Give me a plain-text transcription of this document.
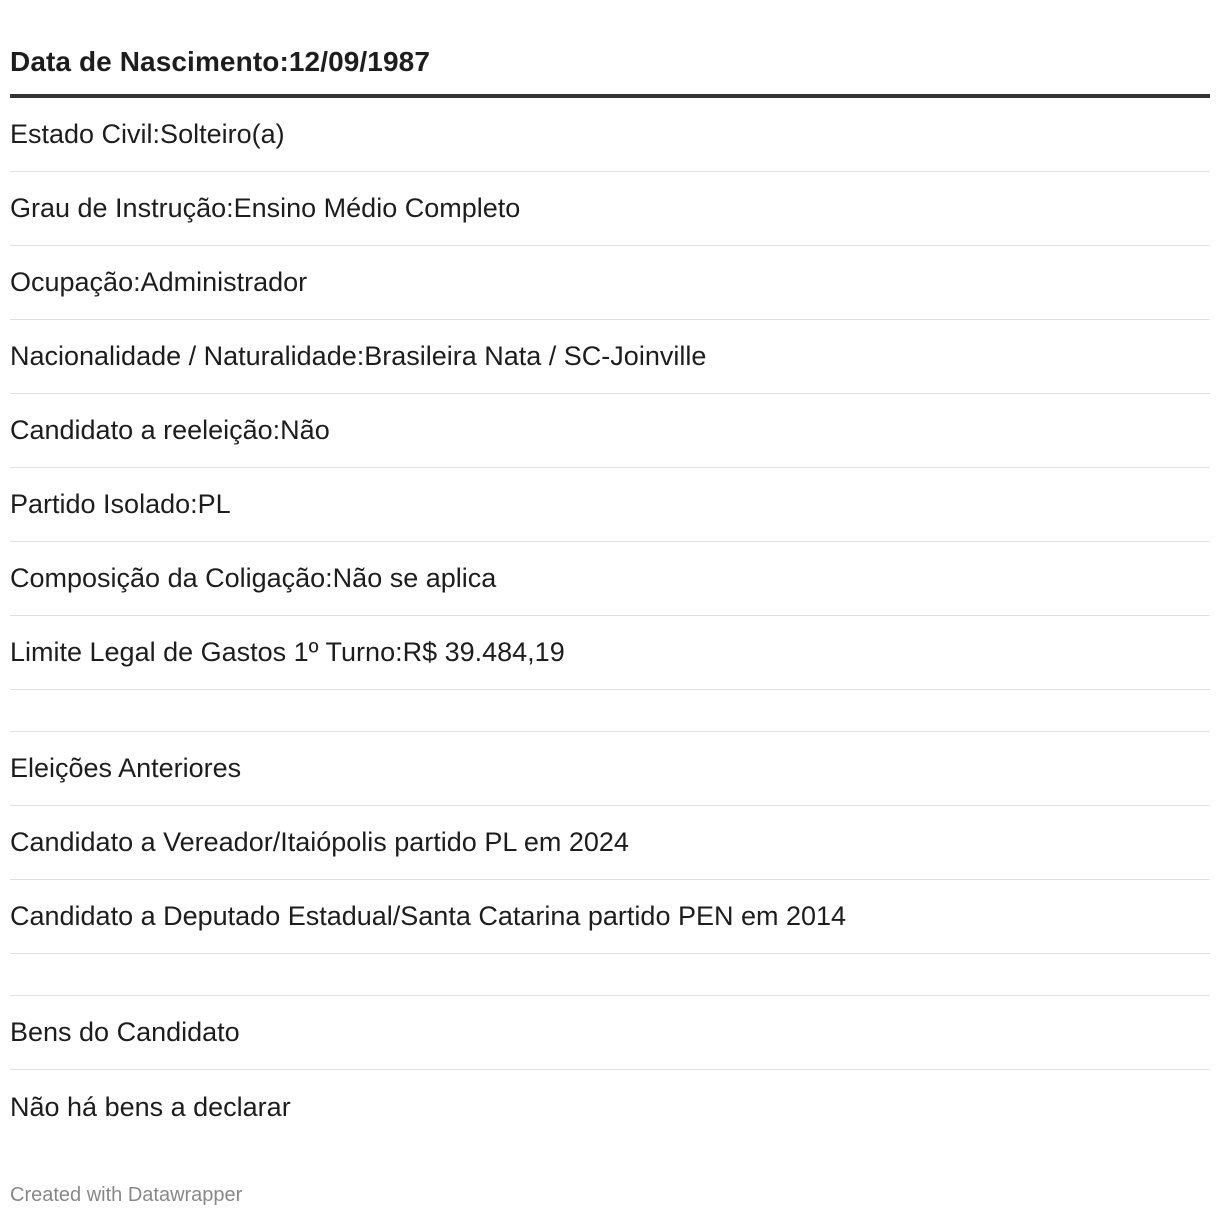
Data de Nascimento:12/09/1987
Estado Civil:Solteiro(a)
Grau de Instrução:Ensino Médio Completo
Ocupação:Administrador
Nacionalidade / Naturalidade:Brasileira Nata / SC-Joinville
Candidato a reeleição:Não
Partido Isolado:PL
Composição da Coligação:Não se aplica
Limite Legal de Gastos 1º Turno:R$ 39.484,19
Eleições Anteriores
Candidato a Vereador/Itaiópolis partido PL em 2024
Candidato a Deputado Estadual/Santa Catarina partido PEN em 2014
Bens do Candidato
Não há bens a declarar
Created with Datawrapper
